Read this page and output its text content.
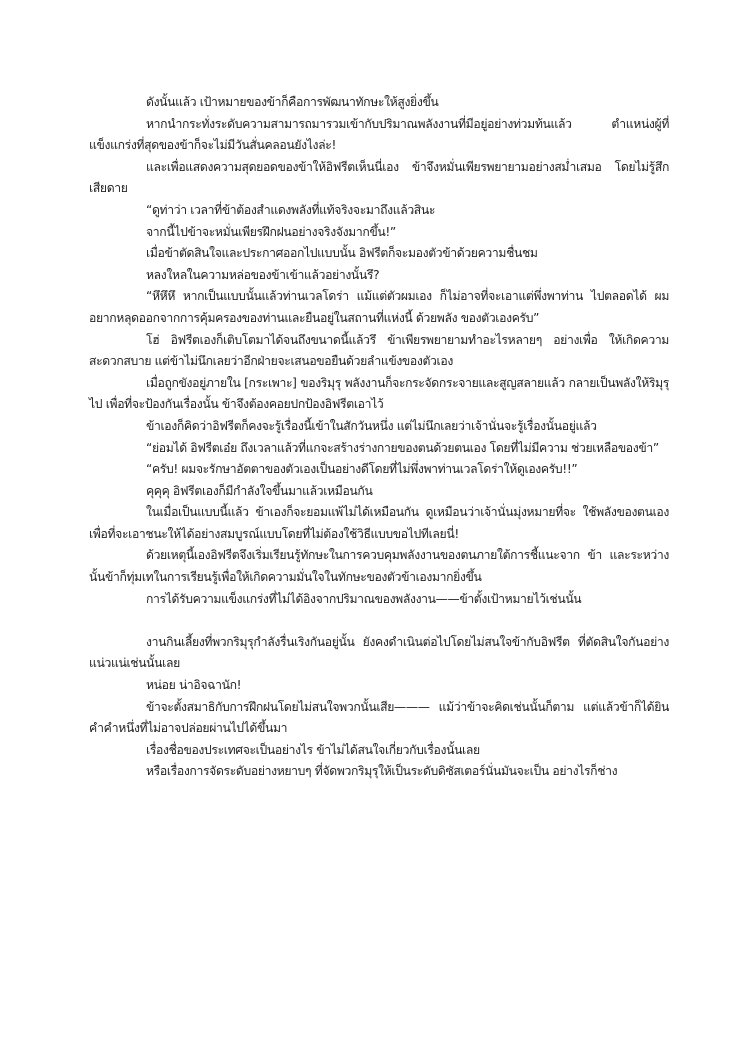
ดังนั้นแล้ว เป้าหมายของข้าก็คือการพัฒนาทักษะให้สูงยิ่งขึ้น

หากนำกระทั่งระดับความสามารถมารวมเข้ากับปริมาณพลังงานที่มีอยู่อย่างท่วมท้นแล้ว ตำแหน่งผู้ที่แข็งแกร่งที่สุดของข้าก็จะไม่มีวันสั่นคลอนยังไงล่ะ!

และเพื่อแสดงความสุดยอดของข้าให้อิฟรีตเห็นนี่เอง ข้าจึงหมั่นเพียรพยายามอย่างสม่ำเสมอ โดยไม่รู้สึกเสียดาย

“ดูท่าว่า เวลาที่ข้าต้องสำแดงพลังที่แท้จริงจะมาถึงแล้วสินะ

จากนี้ไปข้าจะหมั่นเพียรฝึกฝนอย่างจริงจังมากขึ้น!”

เมื่อข้าตัดสินใจและประกาศออกไปแบบนั้น อิฟรีตก็จะมองตัวข้าด้วยความชื่นชม

หลงใหลในความหล่อของข้าเข้าแล้วอย่างนั้นรึ?

“หึหึหึ หากเป็นแบบนั้นแล้วท่านเวลโดร่า แม้แต่ตัวผมเอง ก็ไม่อาจที่จะเอาแต่พึ่งพาท่าน ไปตลอดได้ ผมอยากหลุดออกจากการคุ้มครองของท่านและยืนอยู่ในสถานที่แห่งนี้ ด้วยพลัง ของตัวเองครับ”

โฮ่ อิฟรีตเองก็เติบโตมาได้จนถึงขนาดนี้แล้วรึ ข้าเพียรพยายามทำอะไรหลายๆ อย่างเพื่อ ให้เกิดความสะดวกสบาย แต่ข้าไม่นึกเลยว่าอีกฝ่ายจะเสนอขอยืนด้วยลำแข้งของตัวเอง

เมื่อถูกขังอยู่ภายใน [กระเพาะ] ของริมุรุ พลังงานก็จะกระจัดกระจายและสูญสลายแล้ว กลายเป็นพลังให้ริมุรุไป เพื่อที่จะป้องกันเรื่องนั้น ข้าจึงต้องคอยปกป้องอิฟรีตเอาไว้

ข้าเองก็คิดว่าอิฟรีตก็คงจะรู้เรื่องนี้เข้าในสักวันหนึ่ง แต่ไม่นึกเลยว่าเจ้านั่นจะรู้เรื่องนั้นอยู่แล้ว

“ย่อมได้ อิฟรีตเอ๋ย ถึงเวลาแล้วที่แกจะสร้างร่างกายของตนด้วยตนเอง โดยที่ไม่มีความ ช่วยเหลือของข้า”

“ครับ! ผมจะรักษาอัตตาของตัวเองเป็นอย่างดีโดยที่ไม่พึ่งพาท่านเวลโดร่าให้ดูเองครับ!!”

คุคุคุ อิฟรีตเองก็มีกำลังใจขึ้นมาแล้วเหมือนกัน

ในเมื่อเป็นแบบนี้แล้ว ข้าเองก็จะยอมแพ้ไม่ได้เหมือนกัน ดูเหมือนว่าเจ้านั่นมุ่งหมายที่จะ ใช้พลังของตนเองเพื่อที่จะเอาชนะให้ได้อย่างสมบูรณ์แบบโดยที่ไม่ต้องใช้วิธีแบบขอไปทีเลยนี่!

ด้วยเหตุนี้เองอิฟรีตจึงเริ่มเรียนรู้ทักษะในการควบคุมพลังงานของตนภายใต้การชี้แนะจาก ข้า และระหว่างนั้นข้าก็ทุ่มเทในการเรียนรู้เพื่อให้เกิดความมั่นใจในทักษะของตัวข้าเองมากยิ่งขึ้น

การได้รับความแข็งแกร่งที่ไม่ได้อิงจากปริมาณของพลังงาน——ข้าตั้งเป้าหมายไว้เช่นนั้น

งานกินเลี้ยงที่พวกริมุรุกำลังรื่นเริงกันอยู่นั้น ยังคงดำเนินต่อไปโดยไม่สนใจข้ากับอิฟรีต ที่ตัดสินใจกันอย่างแน่วแน่เช่นนั้นเลย

หน่อย น่าอิจฉานัก!

ข้าจะตั้งสมาธิกับการฝึกฝนโดยไม่สนใจพวกนั้นเสีย——— แม้ว่าข้าจะคิดเช่นนั้นก็ตาม แต่แล้วข้าก็ได้ยินคำคำหนึ่งที่ไม่อาจปล่อยผ่านไปได้ขึ้นมา

เรื่องชื่อของประเทศจะเป็นอย่างไร ข้าไม่ได้สนใจเกี่ยวกับเรื่องนั้นเลย

หรือเรื่องการจัดระดับอย่างหยาบๆ ที่จัดพวกริมุรุให้เป็นระดับดิซัสเตอร์นั่นมันจะเป็น อย่างไรก็ช่าง
